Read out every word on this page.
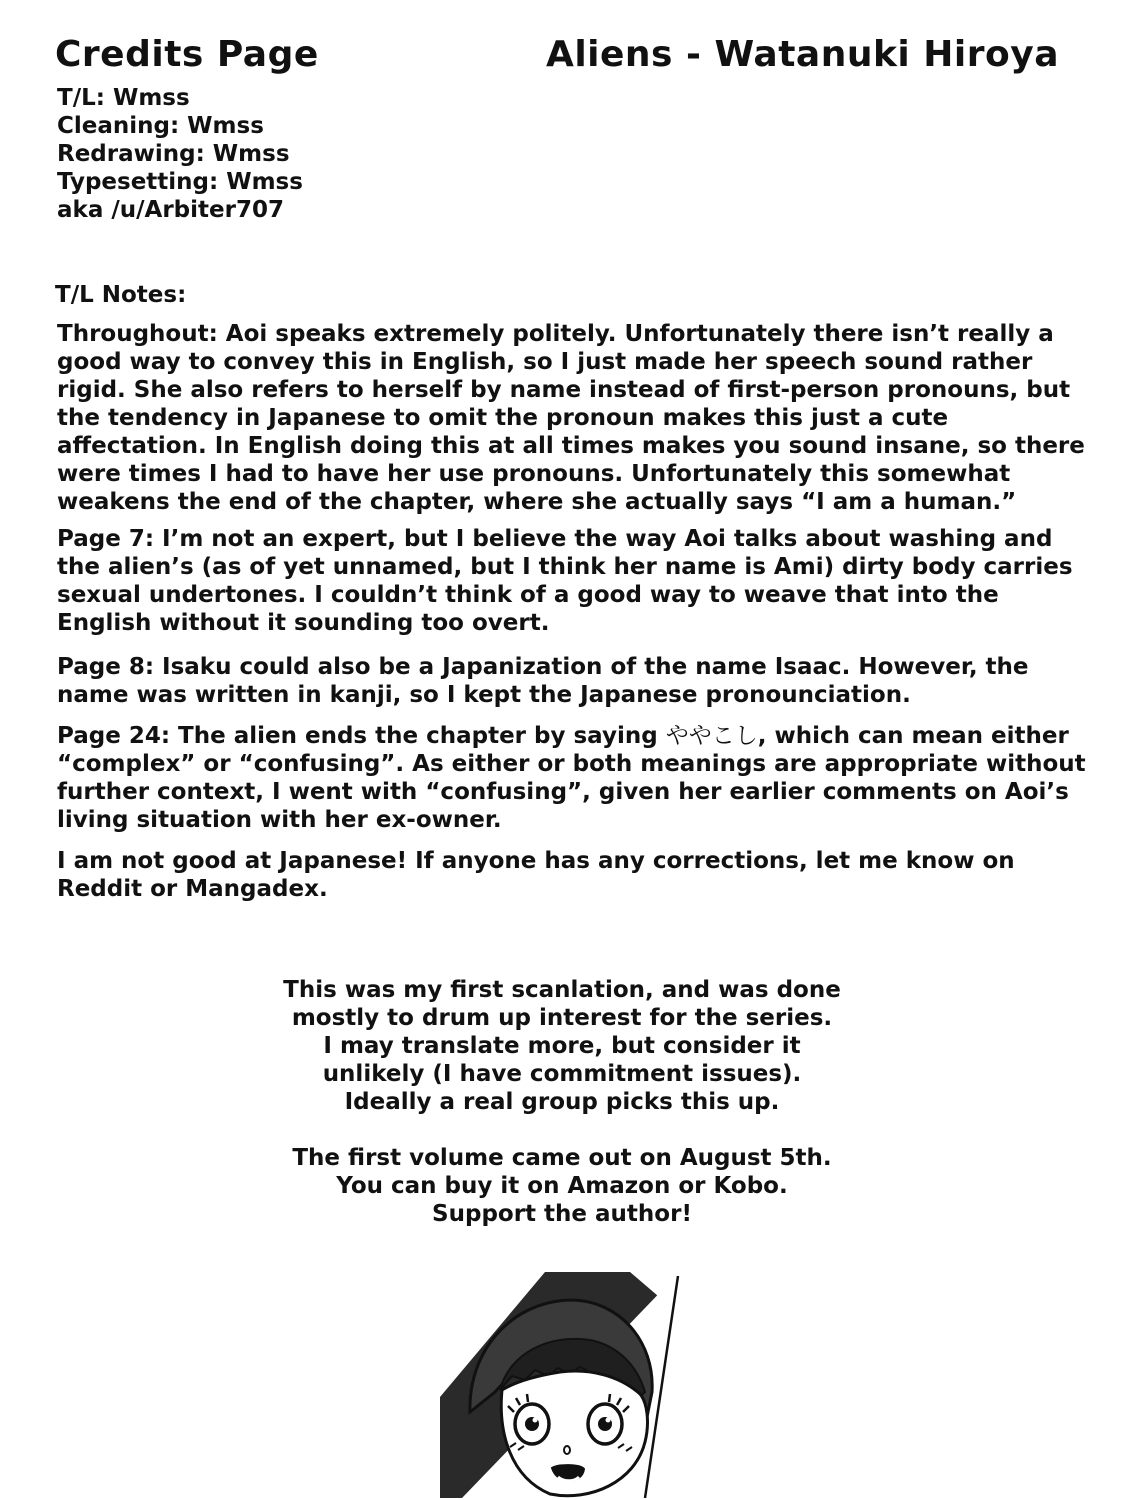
Credits Page	Aliens - Watanuki Hiroya
T/L: Wmss
Cleaning: Wmss
Redrawing: Wmss
Typesetting: Wmss
aka /u/Arbiter707
T/L Notes:

Throughout: Aoi speaks extremely politely. Unfortunately there isn’t really a good way to convey this in English, so I just made her speech sound rather rigid. She also refers to herself by name instead of first-person pronouns, but the tendency in Japanese to omit the pronoun makes this just a cute affectation. In English doing this at all times makes you sound insane, so there were times I had to have her use pronouns. Unfortunately this somewhat weakens the end of the chapter, where she actually says “I am a human.”

Page 7: I’m not an expert, but I believe the way Aoi talks about washing and the alien’s (as of yet unnamed, but I think her name is Ami) dirty body carries sexual undertones. I couldn’t think of a good way to weave that into the English without it sounding too overt.

Page 8: Isaku could also be a Japanization of the name Isaac. However, the name was written in kanji, so I kept the Japanese pronounciation.

Page 24: The alien ends the chapter by saying ややこし, which can mean either “complex” or “confusing”. As either or both meanings are appropriate without further context, I went with “confusing”, given her earlier comments on Aoi’s living situation with her ex-owner.

I am not good at Japanese! If anyone has any corrections, let me know on Reddit or Mangadex.

This was my first scanlation, and was done
mostly to drum up interest for the series.
I may translate more, but consider it
unlikely (I have commitment issues).
Ideally a real group picks this up.
The first volume came out on August 5th.
You can buy it on Amazon or Kobo.
Support the author!
